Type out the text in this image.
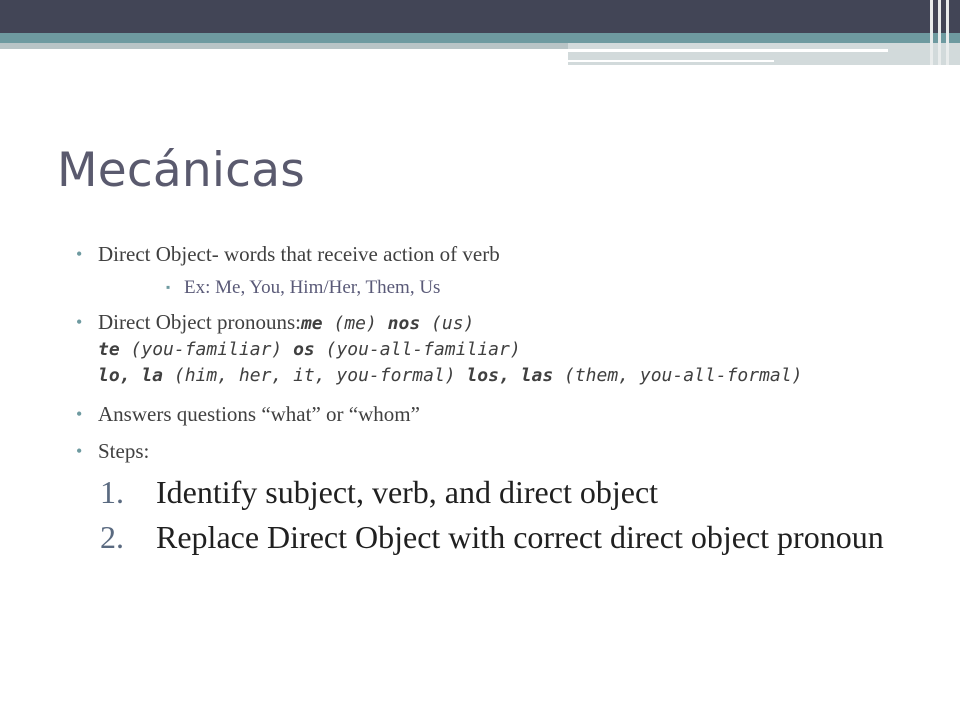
Mecánicas
• Direct Object- words that receive action of verb
▪ Ex: Me, You, Him/Her, Them, Us
• Direct Object pronouns:me (me) nos (us)
te (you-familiar) os (you-all-familiar)
lo, la (him, her, it, you-formal) los, las (them, you-all-formal)
• Answers questions “what” or “whom”
• Steps:
1. Identify subject, verb, and direct object
2. Replace Direct Object with correct direct object pronoun
